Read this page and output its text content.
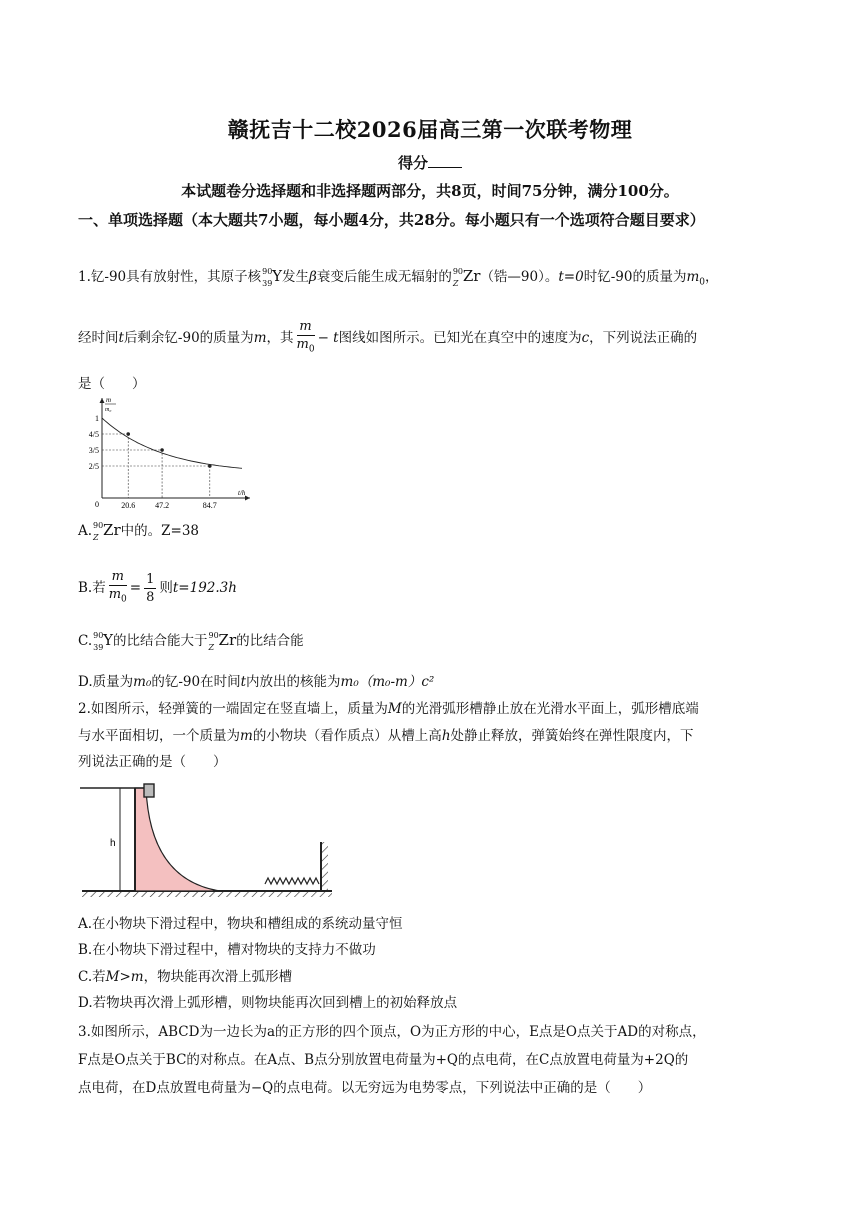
赣抚吉十二校2026届高三第一次联考物理
得分
本试题卷分选择题和非选择题两部分，共8页，时间75分钟，满分100分。
一、单项选择题（本大题共7小题，每小题4分，共28分。每小题只有一个选项符合题目要求）
1.钇-90具有放射性，其原子核 90
39 Y发生β衰变后能生成无辐射的 90
Z Zr（锆—90）。t=0时钇-90的质量为$m_0$，
经时间t后剩余钇-90的质量为m，其 $\frac{m}{m_0} - t$图线如图所示。已知光在真空中的速度为c，下列说法正确的
是（　　）
t/h
m
m₀
0
1
4/5
3/5
2/5
20.6 47.2	84.7
A. 90
Z Zr中的。Z=38
B.若 $\frac{m}{m_0} = \frac{1}{8}$ 则t=192.3h
C. 90
39 Y的比结合能大于 90
Z Zr的比结合能
D.质量为m₀的钇-90在时间t内放出的核能为m₀（m₀-m）c²
2.如图所示，轻弹簧的一端固定在竖直墙上，质量为M的光滑弧形槽静止放在光滑水平面上，弧形槽底端
与水平面相切，一个质量为m的小物块（看作质点）从槽上高h处静止释放，弹簧始终在弹性限度内，下
列说法正确的是（　　）
h
A.在小物块下滑过程中，物块和槽组成的系统动量守恒
B.在小物块下滑过程中，槽对物块的支持力不做功
C.若M>m，物块能再次滑上弧形槽
D.若物块再次滑上弧形槽，则物块能再次回到槽上的初始释放点
3.如图所示，ABCD为一边长为a的正方形的四个顶点，O为正方形的中心，E点是O点关于AD的对称点，
F点是O点关于BC的对称点。在A点、B点分别放置电荷量为+Q的点电荷，在C点放置电荷量为+2Q的
点电荷，在D点放置电荷量为−Q的点电荷。以无穷远为电势零点，下列说法中正确的是（　　）
